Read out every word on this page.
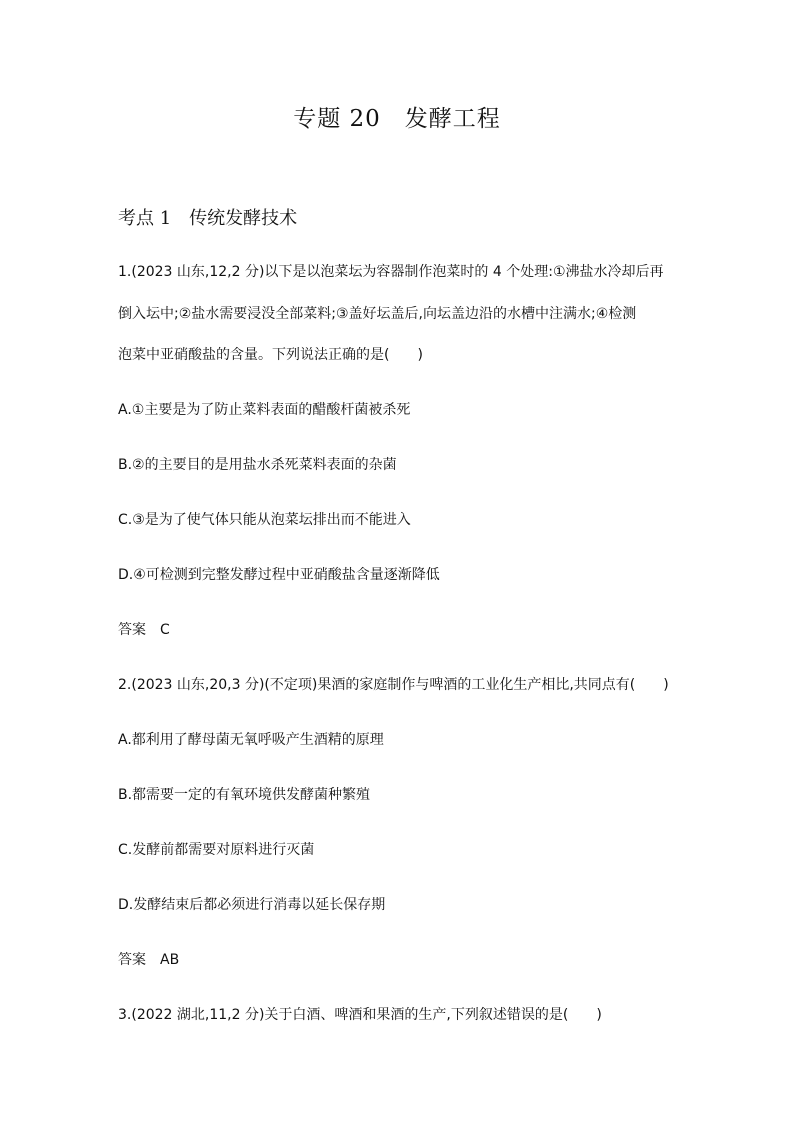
专题 20　发酵工程
考点 1　传统发酵技术
1.(2023 山东,12,2 分)以下是以泡菜坛为容器制作泡菜时的 4 个处理:①沸盐水冷却后再
倒入坛中;②盐水需要浸没全部菜料;③盖好坛盖后,向坛盖边沿的水槽中注满水;④检测
泡菜中亚硝酸盐的含量。下列说法正确的是(　　)
A.①主要是为了防止菜料表面的醋酸杆菌被杀死
B.②的主要目的是用盐水杀死菜料表面的杂菌
C.③是为了使气体只能从泡菜坛排出而不能进入
D.④可检测到完整发酵过程中亚硝酸盐含量逐渐降低
答案　C
2.(2023 山东,20,3 分)(不定项)果酒的家庭制作与啤酒的工业化生产相比,共同点有(　　)
A.都利用了酵母菌无氧呼吸产生酒精的原理
B.都需要一定的有氧环境供发酵菌种繁殖
C.发酵前都需要对原料进行灭菌
D.发酵结束后都必须进行消毒以延长保存期
答案　AB
3.(2022 湖北,11,2 分)关于白酒、啤酒和果酒的生产,下列叙述错误的是(　　)
